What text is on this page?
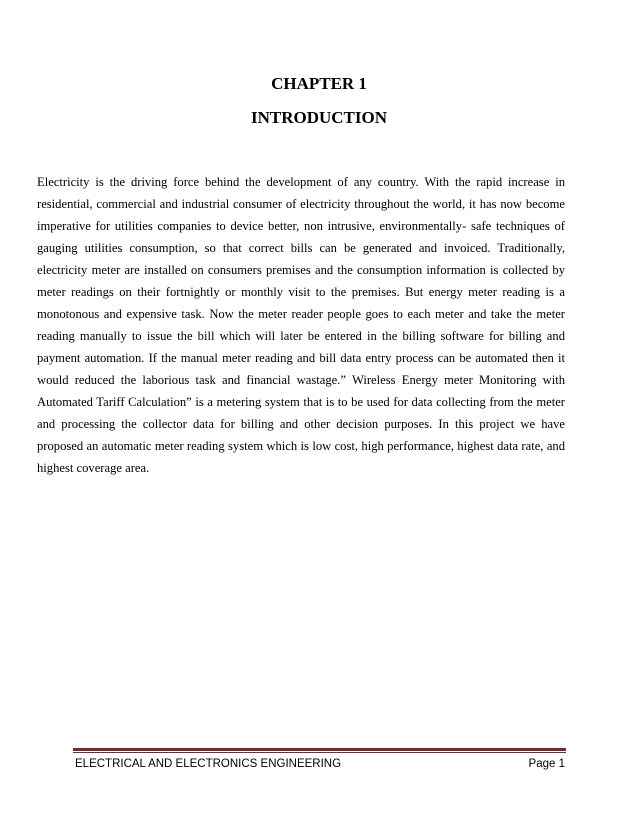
CHAPTER 1
INTRODUCTION
Electricity is the driving force behind the development of any country. With the rapid increase in
residential, commercial and industrial consumer of electricity throughout the world, it has now become
imperative for utilities companies to device better, non intrusive, environmentally- safe techniques of
gauging utilities consumption, so that correct bills can be generated and invoiced. Traditionally,
electricity meter are installed on consumers premises and the consumption information is collected by
meter readings on their fortnightly or monthly visit to the premises. But energy meter reading is a
monotonous and expensive task. Now the meter reader people goes to each meter and take the meter
reading manually to issue the bill which will later be entered in the billing software for billing and
payment automation. If the manual meter reading and bill data entry process can be automated then it
would reduced the laborious task and financial wastage.” Wireless Energy meter Monitoring with
Automated Tariff Calculation” is a metering system that is to be used for data collecting from the meter
and processing the collector data for billing and other decision purposes. In this project we have
proposed an automatic meter reading system which is low cost, high performance, highest data rate, and
highest coverage area.
ELECTRICAL AND ELECTRONICS ENGINEERING	Page 1
